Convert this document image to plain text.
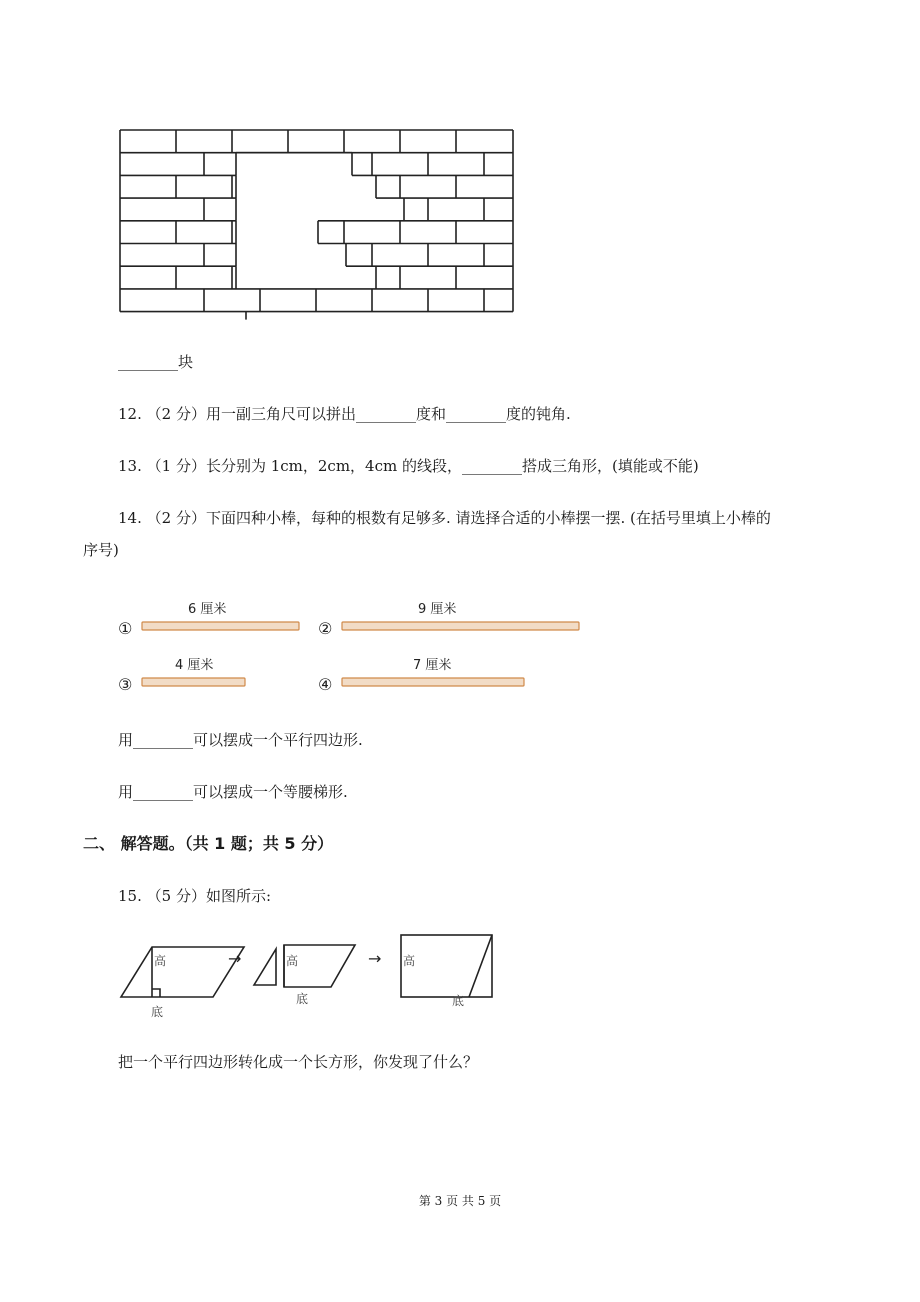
________块
12. （2 分）用一副三角尺可以拼出________度和________度的钝角.
13. （1 分）长分别为 1cm，2cm，4cm 的线段，________搭成三角形，(填能或不能)
14. （2 分）下面四种小棒，每种的根数有足够多. 请选择合适的小棒摆一摆. (在括号里填上小棒的
序号)
①
6 厘米
②
9 厘米
③
4 厘米
④
7 厘米
用________可以摆成一个平行四边形.
用________可以摆成一个等腰梯形.
二、 解答题。（共 1 题；共 5 分）
15. （5 分）如图所示:
→	→
高
底
高
底
高
底
把一个平行四边形转化成一个长方形，你发现了什么？
第 3 页 共 5 页
